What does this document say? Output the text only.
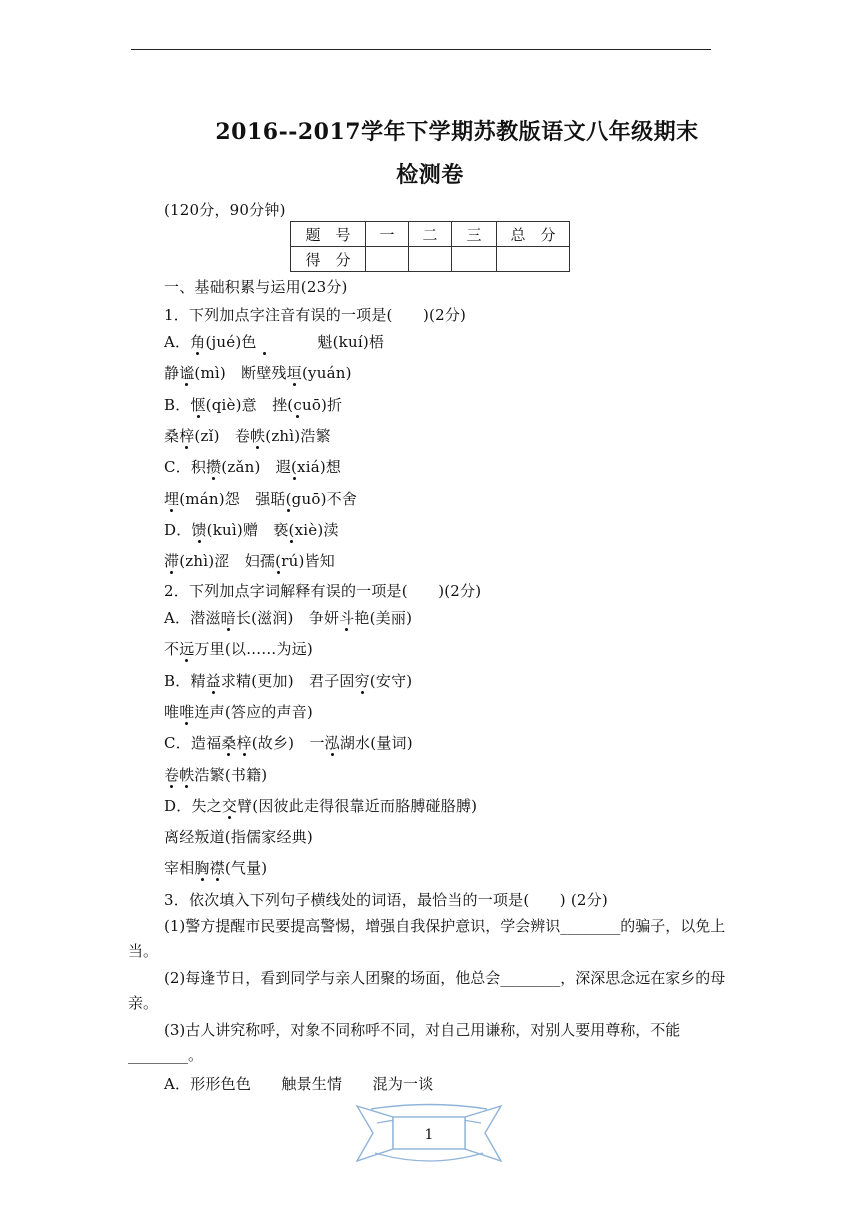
2016--2017学年下学期苏教版语文八年级期末
检测卷
(120分，90分钟)
题　号	一	二	三	总　分
得　分				
一、基础积累与运用(23分)
1．下列加点字注音有误的一项是(　　)(2分)
A．角(jué)色　　　　	魁(kuí)梧
静谧(mì)　 断壁残垣(yuán)
B．惬(qiè)意　 挫(cuō)折
桑梓(zǐ)　 卷帙(zhì)浩繁
C．积攒(zǎn)　 遐(xiá)想
埋(mán)怨　 强聒(guō)不舍
D．馈(kuì)赠　 亵(xiè)渎
滞(zhì)涩　 妇孺(rú)皆知
2．下列加点字词解释有误的一项是(　　)(2分)
A．潜滋暗长(滋润)　 争妍斗艳(美丽)
不远万里(以……为远)
B．精益求精(更加)　 君子固穷(安守)
唯唯连声(答应的声音)
C．造福桑梓(故乡)　 一泓湖水(量词)
卷帙浩繁(书籍)
D．失之交臂(因彼此走得很靠近而胳膊碰胳膊)
离经叛道(指儒家经典)
宰相胸襟(气量)
3．依次填入下列句子横线处的词语，最恰当的一项是(　　) (2分)
(1)警方提醒市民要提高警惕，增强自我保护意识，学会辨识________的骗子，以免上当。
(2)每逢节日，看到同学与亲人团聚的场面，他总会________，深深思念远在家乡的母亲。
(3)古人讲究称呼，对象不同称呼不同，对自己用谦称，对别人要用尊称，不能________。
A．形形色色　　触景生情　　混为一谈
1
